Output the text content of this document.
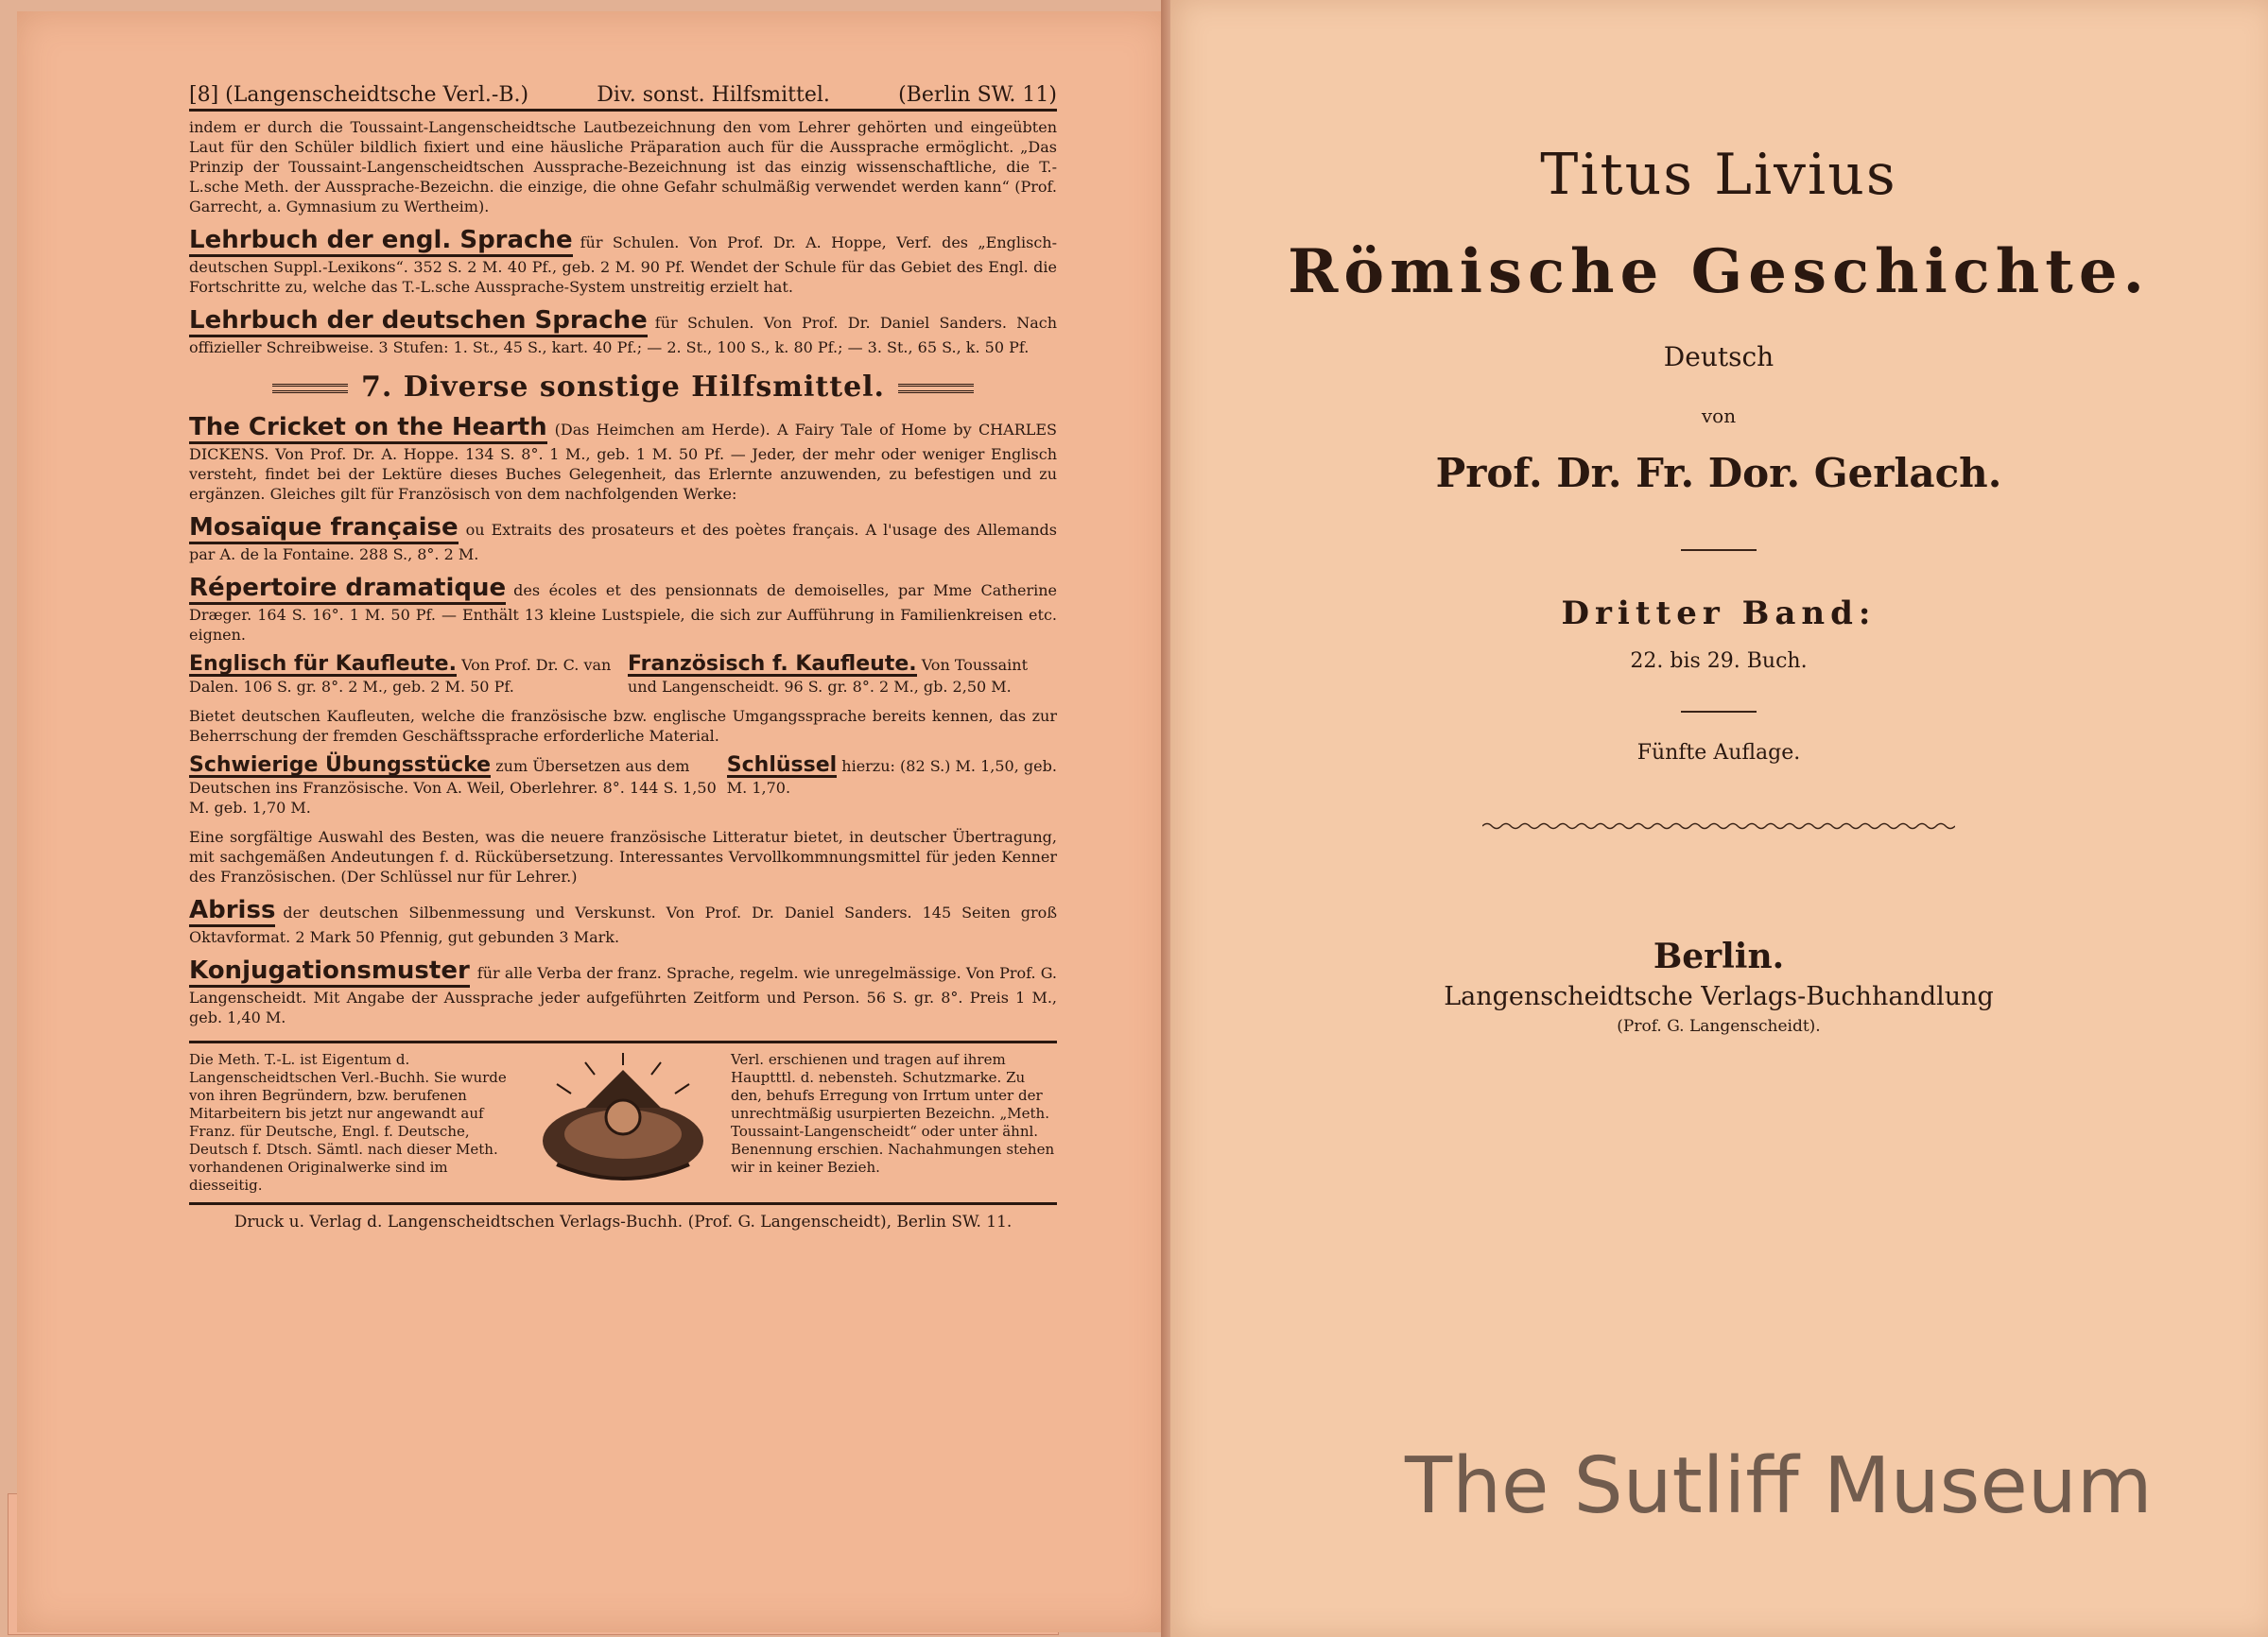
[8] (Langenscheidtsche Verl.-B.)	Div. sonst. Hilfsmittel.	(Berlin SW. 11)
indem er durch die Toussaint-Langenscheidtsche Lautbezeichnung den vom Lehrer gehörten und eingeübten Laut für den Schüler bildlich fixiert und eine häusliche Präparation auch für die Aussprache ermöglicht. „Das Prinzip der Toussaint-Langenscheidtschen Aussprache-Bezeichnung ist das einzig wissenschaftliche, die T.-L.sche Meth. der Aussprache-Bezeichn. die einzige, die ohne Gefahr schulmäßig verwendet werden kann“ (Prof. Garrecht, a. Gymnasium zu Wertheim).
Lehrbuch der engl. Sprache für Schulen. Von Prof. Dr. A. Hoppe, Verf. des „Englisch-deutschen Suppl.-Lexikons“. 352 S. 2 M. 40 Pf., geb. 2 M. 90 Pf. Wendet der Schule für das Gebiet des Engl. die Fortschritte zu, welche das T.-L.sche Aussprache-System unstreitig erzielt hat.
Lehrbuch der deutschen Sprache für Schulen. Von Prof. Dr. Daniel Sanders. Nach offizieller Schreibweise. 3 Stufen: 1. St., 45 S., kart. 40 Pf.; — 2. St., 100 S., k. 80 Pf.; — 3. St., 65 S., k. 50 Pf.
7. Diverse sonstige Hilfsmittel.
The Cricket on the Hearth (Das Heimchen am Herde). A Fairy Tale of Home by CHARLES DICKENS. Von Prof. Dr. A. Hoppe. 134 S. 8°. 1 M., geb. 1 M. 50 Pf. — Jeder, der mehr oder weniger Englisch versteht, findet bei der Lektüre dieses Buches Gelegenheit, das Erlernte anzuwenden, zu befestigen und zu ergänzen. Gleiches gilt für Französisch von dem nachfolgenden Werke:
Mosaïque française ou Extraits des prosateurs et des poètes français. A l'usage des Allemands par A. de la Fontaine. 288 S., 8°. 2 M.
Répertoire dramatique des écoles et des pensionnats de demoiselles, par Mme Catherine Dræger. 164 S. 16°. 1 M. 50 Pf. — Enthält 13 kleine Lustspiele, die sich zur Aufführung in Familienkreisen etc. eignen.
Englisch für Kaufleute. Von Prof. Dr. C. van Dalen. 106 S. gr. 8°. 2 M., geb. 2 M. 50 Pf.
Französisch f. Kaufleute. Von Toussaint und Langenscheidt. 96 S. gr. 8°. 2 M., gb. 2,50 M.
Bietet deutschen Kaufleuten, welche die französische bzw. englische Umgangssprache bereits kennen, das zur Beherrschung der fremden Geschäftssprache erforderliche Material.
Schwierige Übungsstücke zum Übersetzen aus dem Deutschen ins Französische. Von A. Weil, Oberlehrer. 8°. 144 S. 1,50 M. geb. 1,70 M.
Schlüssel hierzu: (82 S.) M. 1,50, geb. M. 1,70.
Eine sorgfältige Auswahl des Besten, was die neuere französische Litteratur bietet, in deutscher Übertragung, mit sachgemäßen Andeutungen f. d. Rückübersetzung. Interessantes Vervollkommnungsmittel für jeden Kenner des Französischen. (Der Schlüssel nur für Lehrer.)
Abriss der deutschen Silbenmessung und Verskunst. Von Prof. Dr. Daniel Sanders. 145 Seiten groß Oktavformat. 2 Mark 50 Pfennig, gut gebunden 3 Mark.
Konjugationsmuster für alle Verba der franz. Sprache, regelm. wie unregelmässige. Von Prof. G. Langenscheidt. Mit Angabe der Aussprache jeder aufgeführten Zeitform und Person. 56 S. gr. 8°. Preis 1 M., geb. 1,40 M.
Die Meth. T.-L. ist Eigentum d. Langenscheidtschen Verl.-Buchh. Sie wurde von ihren Begründern, bzw. berufenen Mitarbeitern bis jetzt nur angewandt auf Franz. für Deutsche, Engl. f. Deutsche, Deutsch f. Dtsch. Sämtl. nach dieser Meth. vorhandenen Originalwerke sind im diesseitig.
Verl. erschienen und tragen auf ihrem Hauptttl. d. nebensteh. Schutzmarke. Zu den, behufs Erregung von Irrtum unter der unrechtmäßig usurpierten Bezeichn. „Meth. Toussaint-Langenscheidt“ oder unter ähnl. Benennung erschien. Nachahmungen stehen wir in keiner Bezieh.
Druck u. Verlag d. Langenscheidtschen Verlags-Buchh. (Prof. G. Langenscheidt), Berlin SW. 11.
Titus Livius
Römische Geschichte.
Deutsch
von
Prof. Dr. Fr. Dor. Gerlach.
Dritter Band:
22. bis 29. Buch.
Fünfte Auflage.
Berlin.
Langenscheidtsche Verlags-Buchhandlung
(Prof. G. Langenscheidt).
The Sutliff Museum
